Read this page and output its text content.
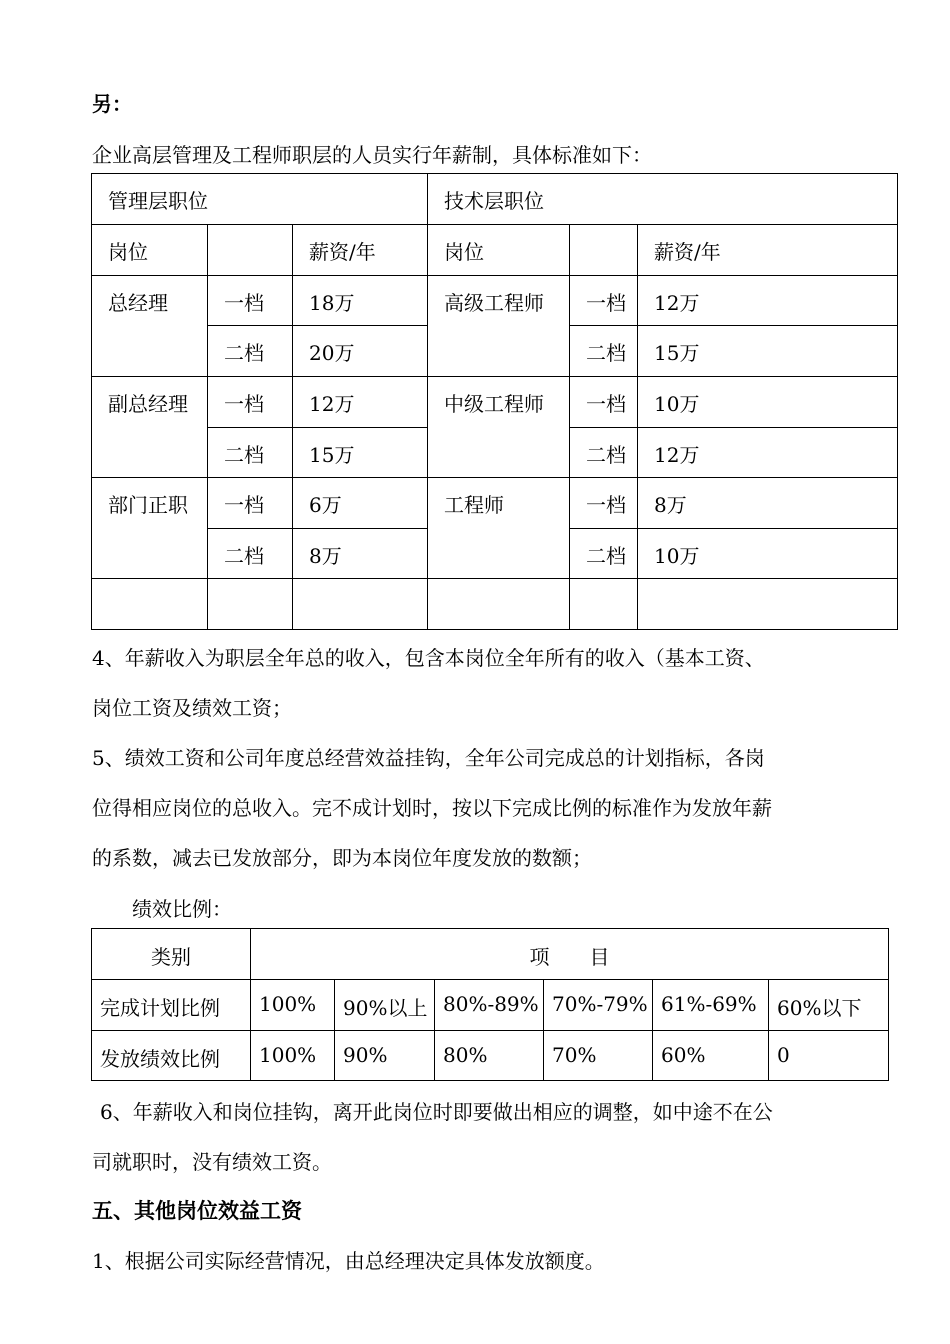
另：
企业高层管理及工程师职层的人员实行年薪制，具体标准如下：
管理层职位			技术层职位		

岗位		薪资/年	岗位		薪资/年

总经理	一档	18万	高级工程师	一档	12万

	二档	20万		二档	15万

副总经理	一档	12万	中级工程师	一档	10万

	二档	15万		二档	12万

部门正职	一档	6万	工程师	一档	8万

	二档	8万		二档	10万

4、年薪收入为职层全年总的收入，包含本岗位全年所有的收入（基本工资、
岗位工资及绩效工资；
5、绩效工资和公司年度总经营效益挂钩，全年公司完成总的计划指标，各岗
位得相应岗位的总收入。完不成计划时，按以下完成比例的标准作为发放年薪
的系数，减去已发放部分，即为本岗位年度发放的数额；
绩效比例：
类别	项　　目					

完成计划比例	100%	90%以上	80%-89%	70%-79%	61%-69%	60%以下

发放绩效比例	100%	90%	80%	70%	60%	0
6、年薪收入和岗位挂钩，离开此岗位时即要做出相应的调整，如中途不在公
司就职时，没有绩效工资。
五、其他岗位效益工资
1、根据公司实际经营情况，由总经理决定具体发放额度。
